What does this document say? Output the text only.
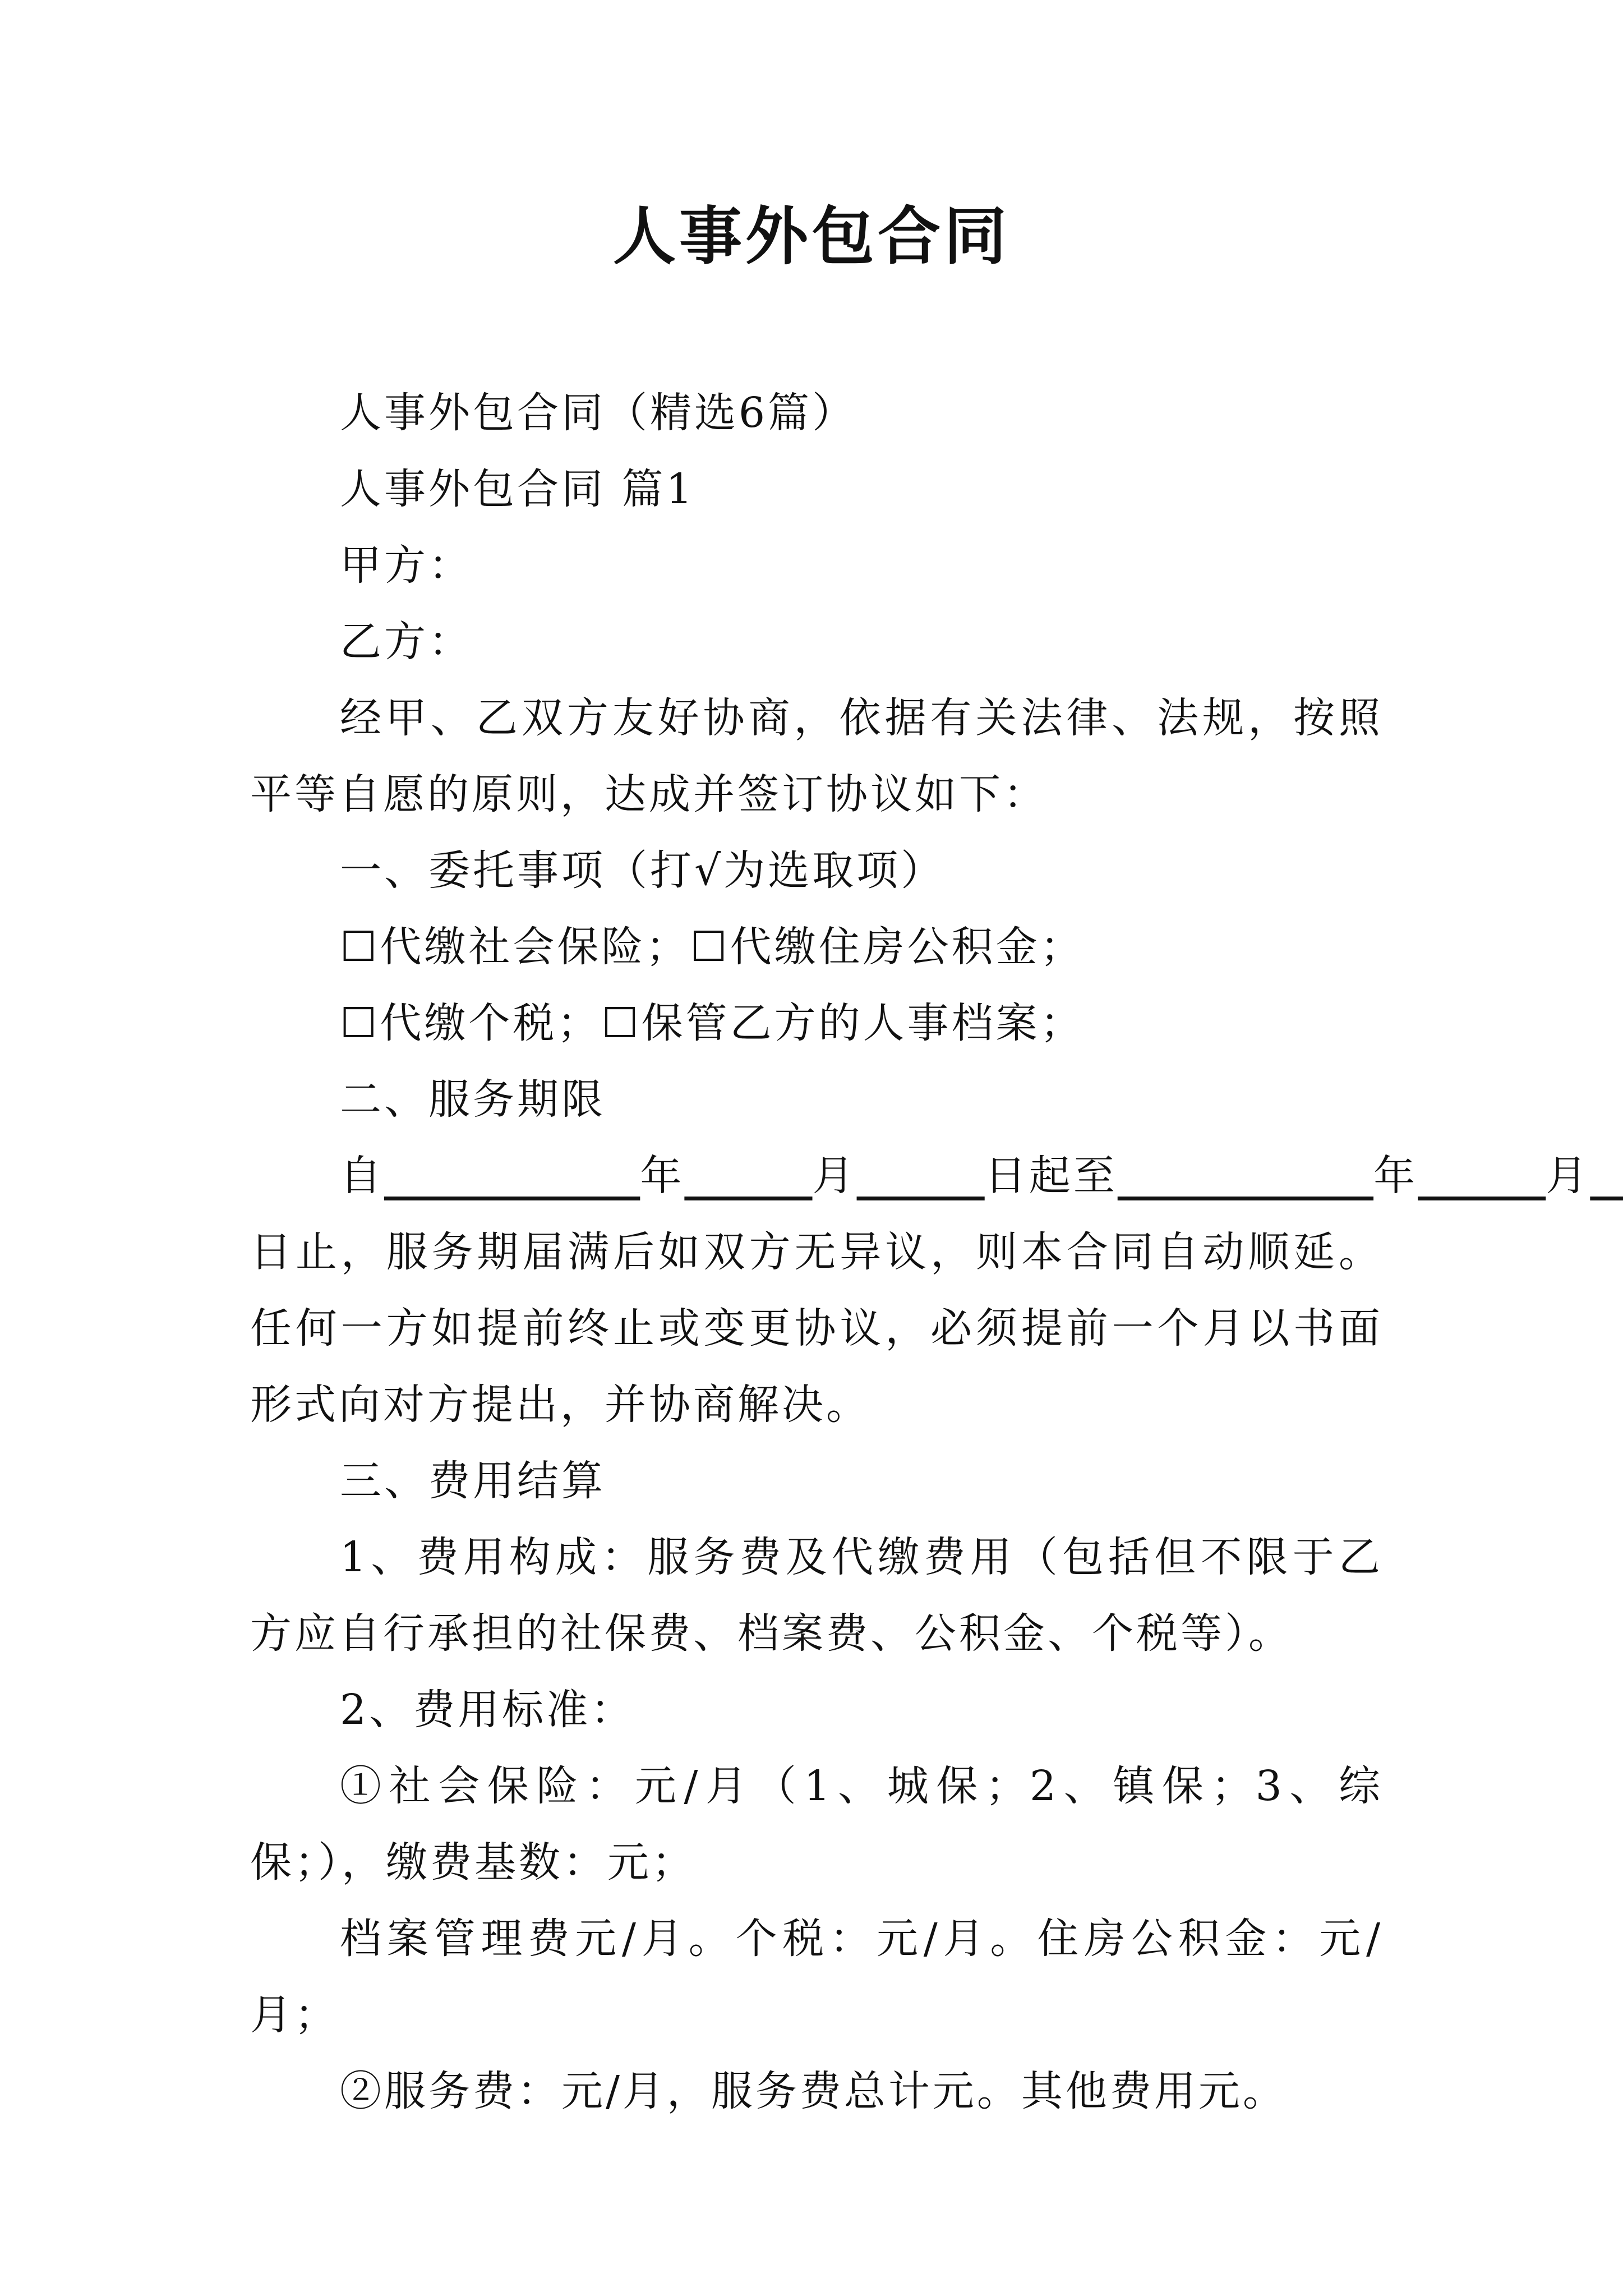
人事外包合同

人事外包合同（精选6篇）

人事外包合同 篇1

甲方：

乙方：

经甲、乙双方友好协商，依据有关法律、法规，按照平等自愿的原则，达成并签订协议如下：

一、委托事项（打√为选取项）

☐代缴社会保险；☐代缴住房公积金；

☐代缴个税；☐保管乙方的人事档案；

二、服务期限

自	年	月	日起至	年	月

日止，服务期届满后如双方无异议，则本合同自动顺延。任何一方如提前终止或变更协议，必须提前一个月以书面形式向对方提出，并协商解决。

三、费用结算

1、费用构成：服务费及代缴费用（包括但不限于乙方应自行承担的社保费、档案费、公积金、个税等）。

2、费用标准：

①社会保险：元/月（1、城保；2、镇保；3、综保；），缴费基数：元；

档案管理费元/月。个税：元/月。住房公积金：元/月；

②服务费：元/月，服务费总计元。其他费用元。
